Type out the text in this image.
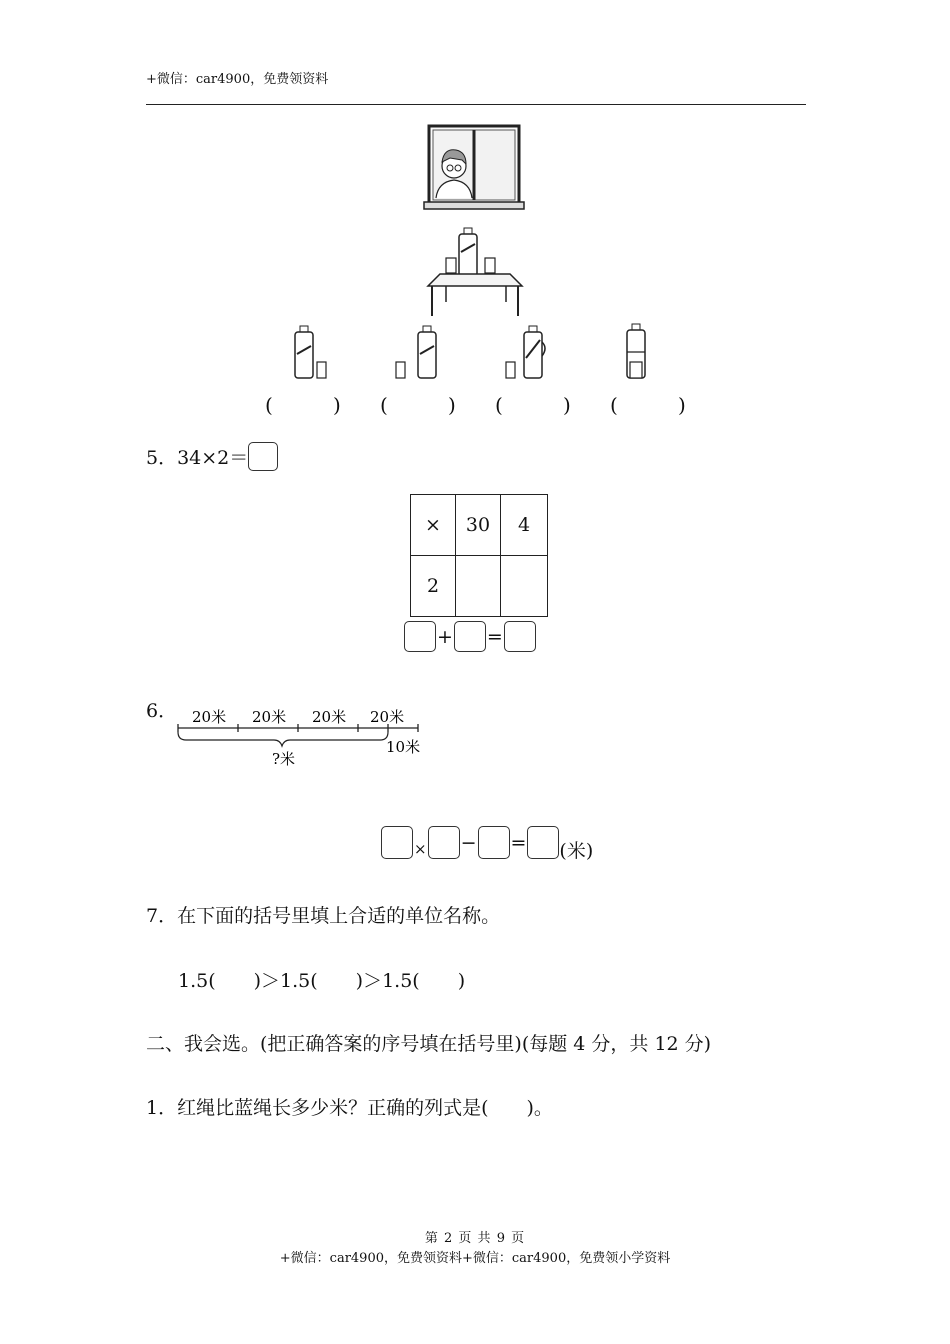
+微信：car4900，免费领资料
(	) (	) (	) (	)
5．34×2＝
×	30	4
2		
+ =
6． 20米 20米 20米 20米
10米
?米
× − = (米)
7．在下面的括号里填上合适的单位名称。
1.5(　　)＞1.5(　　)＞1.5(　　)
二、我会选。(把正确答案的序号填在括号里)(每题 4 分，共 12 分)
1．红绳比蓝绳长多少米？正确的列式是(　　)。
第 2 页 共 9 页
+微信：car4900，免费领资料+微信：car4900，免费领小学资料
